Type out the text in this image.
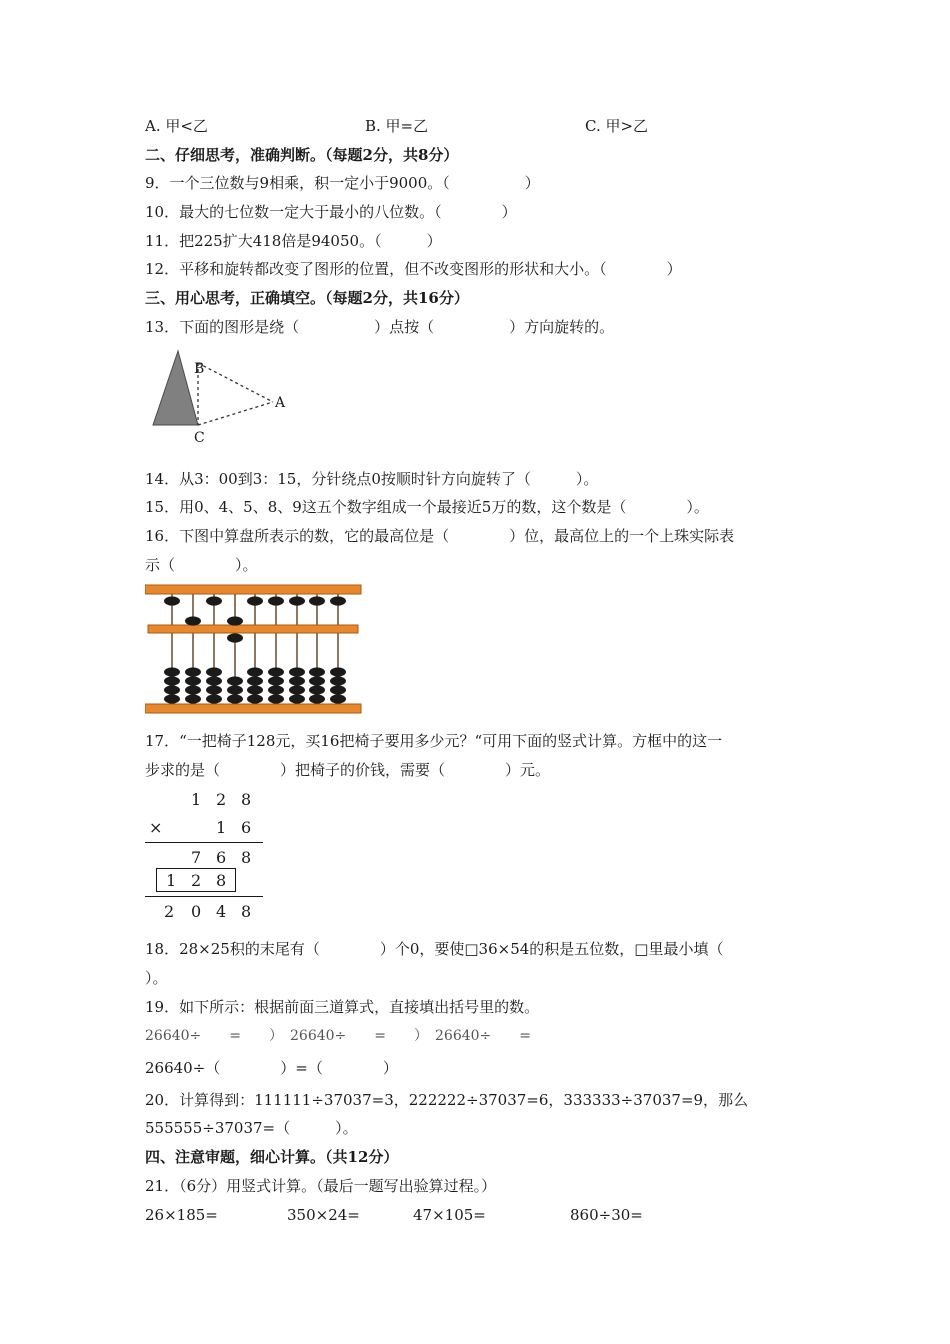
A. 甲<乙	B. 甲=乙	C. 甲>乙
二、仔细思考，准确判断。（每题2分，共8分）
9．一个三位数与9相乘，积一定小于9000。（　　　　　）
10．最大的七位数一定大于最小的八位数。（　　　　）
11．把225扩大418倍是94050。（　　　）
12．平移和旋转都改变了图形的位置，但不改变图形的形状和大小。（　　　　）
三、用心思考，正确填空。（每题2分，共16分）
13．下面的图形是绕（　　　　　）点按（　　　　　）方向旋转的。
B
A
C
14．从3：00到3：15，分针绕点0按顺时针方向旋转了（　　　）。
15．用0、4、5、8、9这五个数字组成一个最接近5万的数，这个数是（　　　　）。
16．下图中算盘所表示的数，它的最高位是（　　　　）位，最高位上的一个上珠实际表
示（　　　　）。
17．“一把椅子128元，买16把椅子要用多少元？“可用下面的竖式计算。方框中的这一
步求的是（　　　　）把椅子的价钱，需要（　　　　）元。
1 2 8
×	1 6
7 6 8
1 2 8
2 0 4 8
18．28×25积的末尾有（　　　　）个0，要使□36×54的积是五位数，□里最小填（
）。
19．如下所示：根据前面三道算式，直接填出括号里的数。
26640÷　　=　　） 26640÷　　=　　） 26640÷　　=
26640÷（　　　　）=（　　　　）
20．计算得到：111111÷37037=3，222222÷37037=6，333333÷37037=9，那么
555555÷37037=（　　　）。
四、注意审题，细心计算。（共12分）
21．（6分）用竖式计算。（最后一题写出验算过程。）
26×185=	350×24=	47×105=	860÷30=
